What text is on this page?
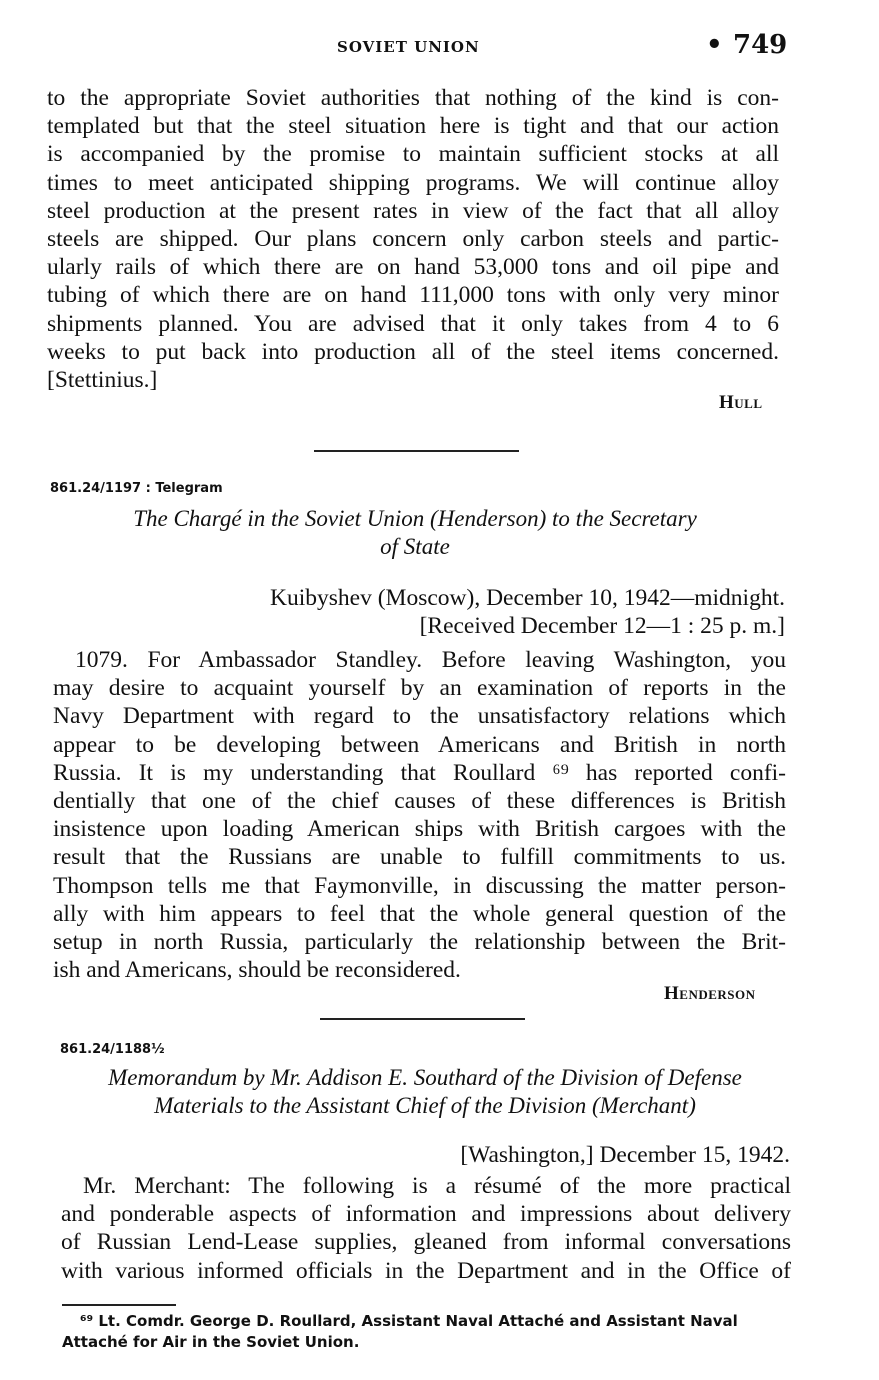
SOVIET UNION	• 749

to the appropriate Soviet authorities that nothing of the kind is con-
templated but that the steel situation here is tight and that our action
is accompanied by the promise to maintain sufficient stocks at all
times to meet anticipated shipping programs. We will continue alloy
steel production at the present rates in view of the fact that all alloy
steels are shipped. Our plans concern only carbon steels and partic-
ularly rails of which there are on hand 53,000 tons and oil pipe and
tubing of which there are on hand 111,000 tons with only very minor
shipments planned. You are advised that it only takes from 4 to 6
weeks to put back into production all of the steel items concerned.
[Stettinius.]

Hull

861.24/1197 : Telegram

The Chargé in the Soviet Union (Henderson) to the Secretary
of State

Kuibyshev (Moscow), December 10, 1942—midnight.
[Received December 12—1 : 25 p. m.]

1079. For Ambassador Standley. Before leaving Washington, you
may desire to acquaint yourself by an examination of reports in the
Navy Department with regard to the unsatisfactory relations which
appear to be developing between Americans and British in north
Russia. It is my understanding that Roullard ⁶⁹ has reported confi-
dentially that one of the chief causes of these differences is British
insistence upon loading American ships with British cargoes with the
result that the Russians are unable to fulfill commitments to us.
Thompson tells me that Faymonville, in discussing the matter person-
ally with him appears to feel that the whole general question of the
setup in north Russia, particularly the relationship between the Brit-
ish and Americans, should be reconsidered.

Henderson

861.24/1188½

Memorandum by Mr. Addison E. Southard of the Division of Defense
Materials to the Assistant Chief of the Division (Merchant)

[Washington,] December 15, 1942.

Mr. Merchant: The following is a résumé of the more practical
and ponderable aspects of information and impressions about delivery
of Russian Lend-Lease supplies, gleaned from informal conversations
with various informed officials in the Department and in the Office of

⁶⁹ Lt. Comdr. George D. Roullard, Assistant Naval Attaché and Assistant Naval
Attaché for Air in the Soviet Union.
